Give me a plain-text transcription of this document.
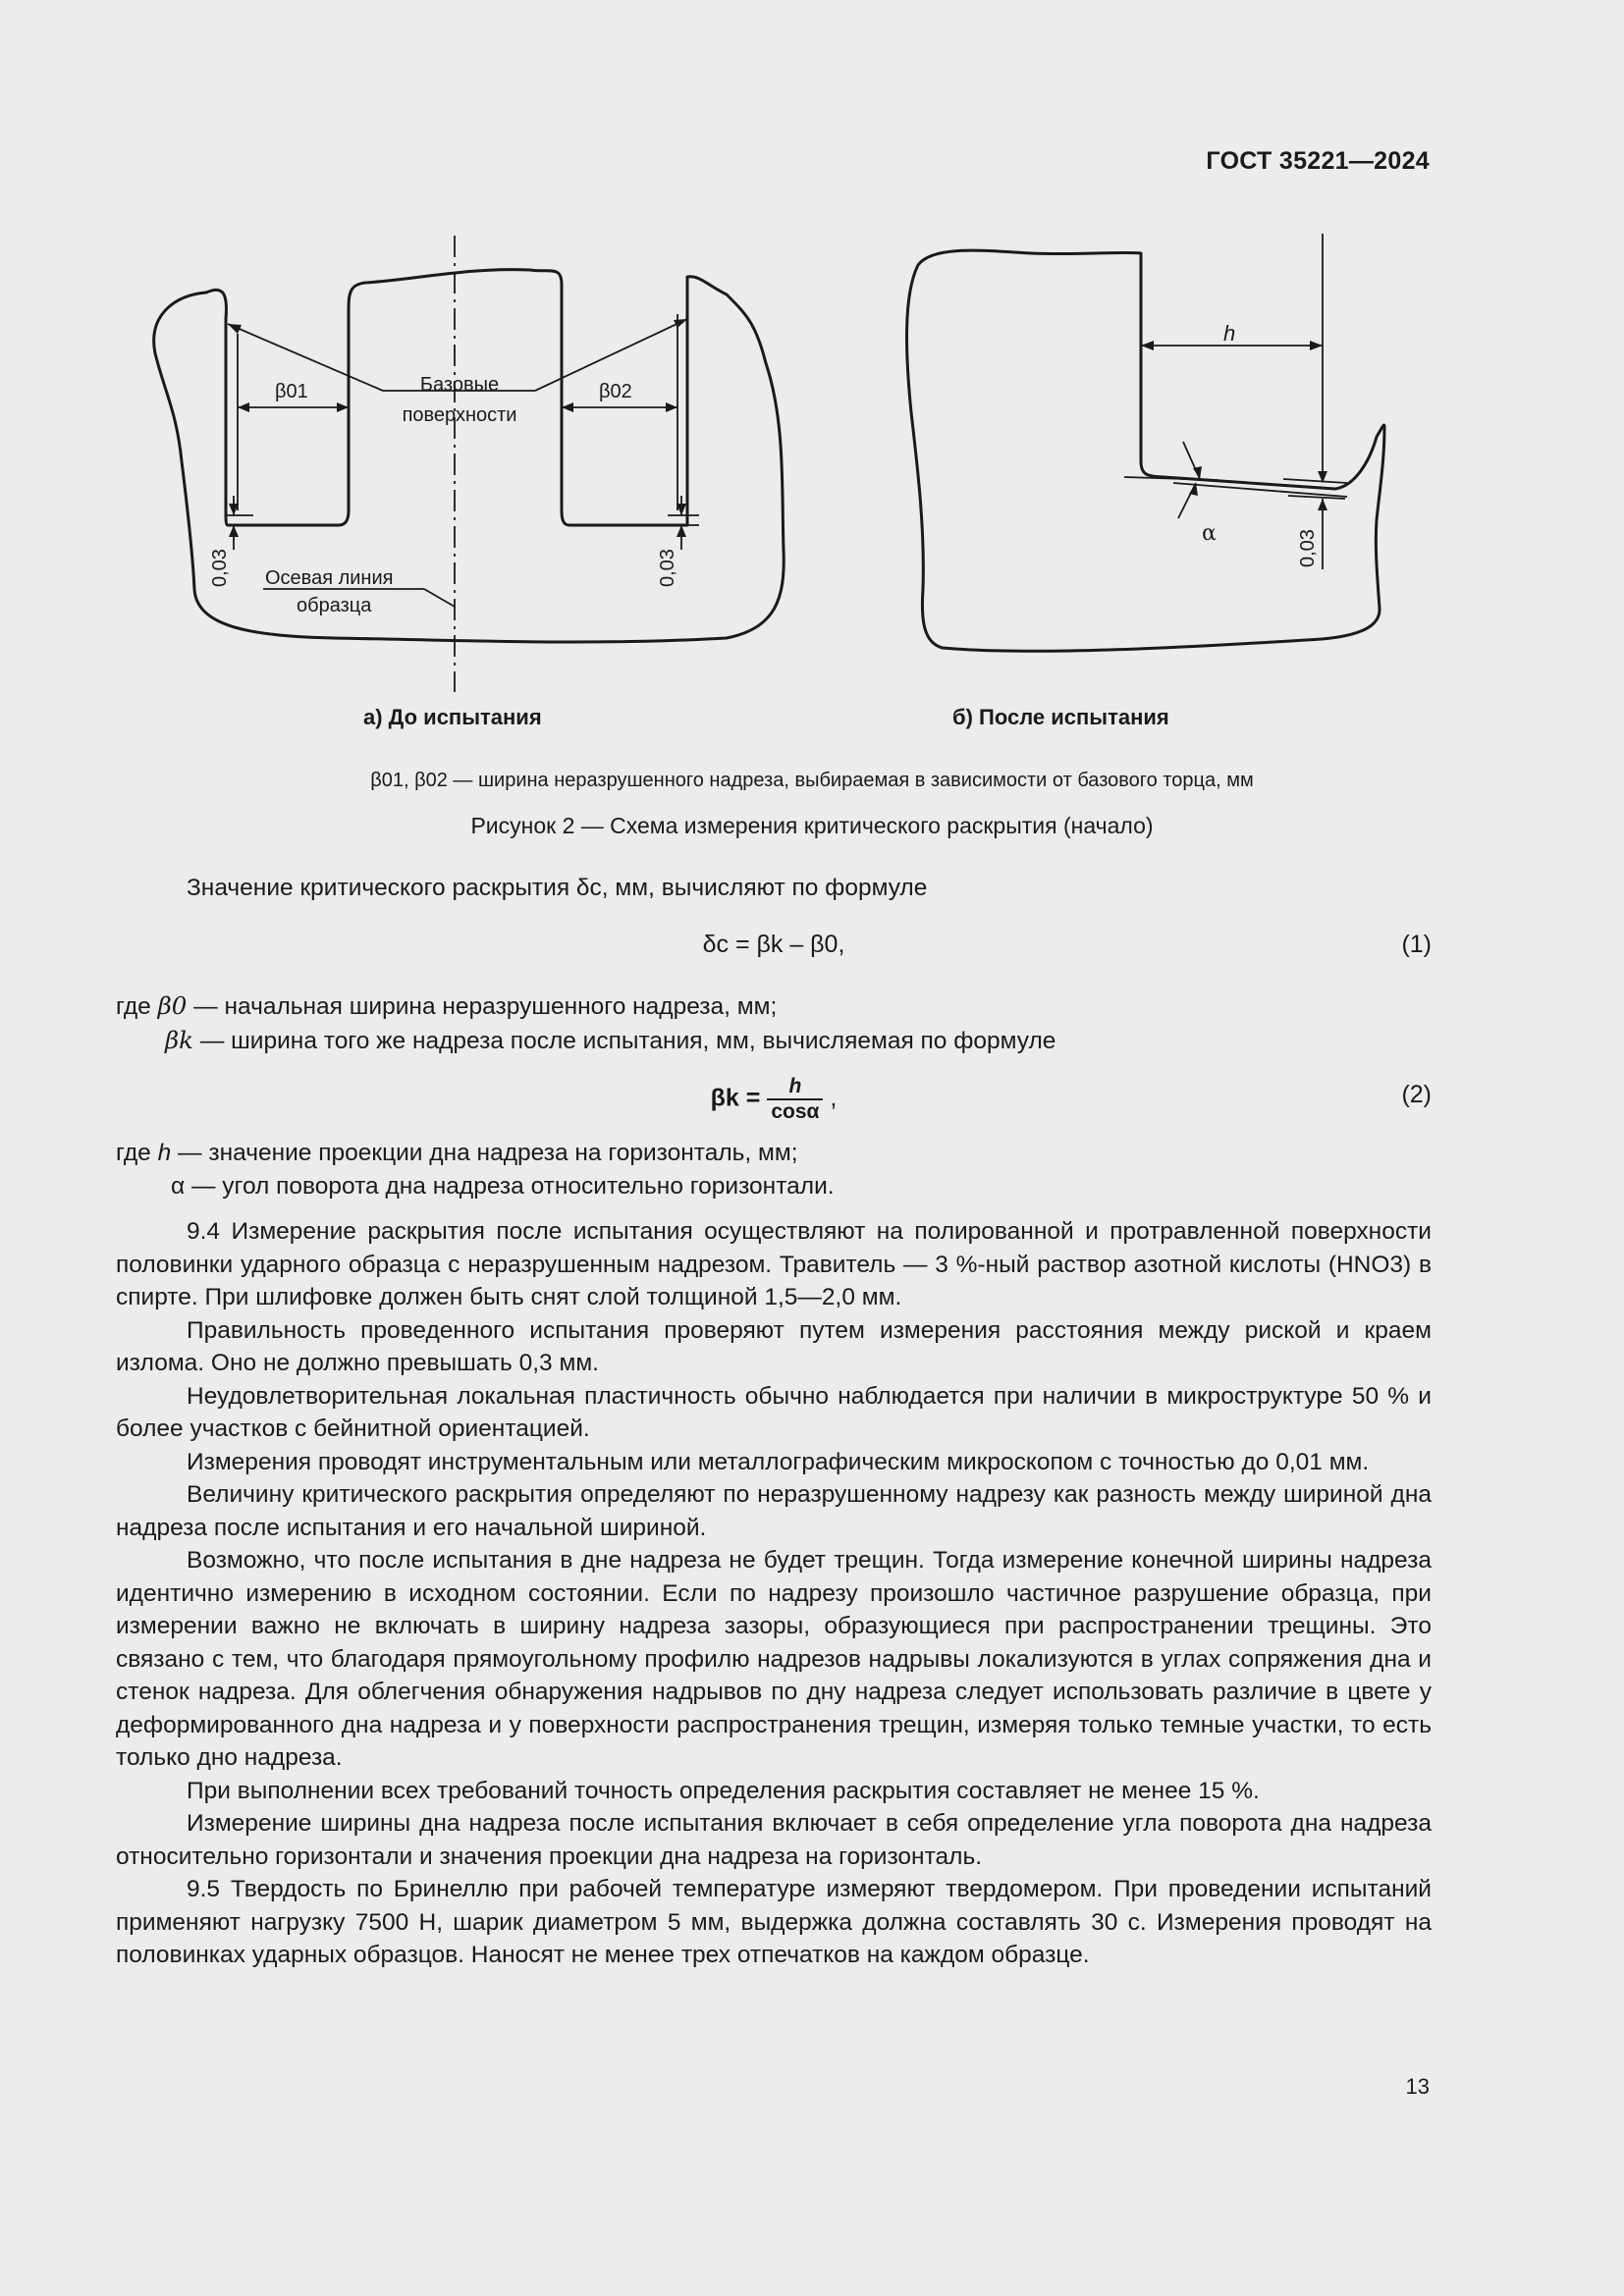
ГОСТ 35221—2024
β01	β02
Базовые
поверхности
Осевая линия
образца
0,03	0,03
0,03
h
α
а) До испытания	б) После испытания
β01, β02 — ширина неразрушенного надреза, выбираемая в зависимости от базового торца, мм
Рисунок 2 — Схема измерения критического раскрытия (начало)

Значение критического раскрытия δc, мм, вычисляют по формуле

δc = βk – β0,	(1)
где β0 — начальная ширина неразрушенного надреза, мм;
βk — ширина того же надреза после испытания, мм, вычисляемая по формуле
$\beta k = \frac{h}{\cos\alpha}$ ,	(2)
где h — значение проекции дна надреза на горизонталь, мм;
α — угол поворота дна надреза относительно горизонтали.

9.4 Измерение раскрытия после испытания осуществляют на полированной и протравленной поверхности половинки ударного образца с неразрушенным надрезом. Травитель — 3 %-ный раствор азотной кислоты (HNO3) в спирте. При шлифовке должен быть снят слой толщиной 1,5—2,0 мм.

Правильность проведенного испытания проверяют путем измерения расстояния между риской и краем излома. Оно не должно превышать 0,3 мм.

Неудовлетворительная локальная пластичность обычно наблюдается при наличии в микроструктуре 50 % и более участков с бейнитной ориентацией.

Измерения проводят инструментальным или металлографическим микроскопом с точностью до 0,01 мм.

Величину критического раскрытия определяют по неразрушенному надрезу как разность между шириной дна надреза после испытания и его начальной шириной.

Возможно, что после испытания в дне надреза не будет трещин. Тогда измерение конечной ширины надреза идентично измерению в исходном состоянии. Если по надрезу произошло частичное разрушение образца, при измерении важно не включать в ширину надреза зазоры, образующиеся при распространении трещины. Это связано с тем, что благодаря прямоугольному профилю надрезов надрывы локализуются в углах сопряжения дна и стенок надреза. Для облегчения обнаружения надрывов по дну надреза следует использовать различие в цвете у деформированного дна надреза и у поверхности распространения трещин, измеряя только темные участки, то есть только дно надреза.

При выполнении всех требований точность определения раскрытия составляет не менее 15 %.

Измерение ширины дна надреза после испытания включает в себя определение угла поворота дна надреза относительно горизонтали и значения проекции дна надреза на горизонталь.

9.5 Твердость по Бринеллю при рабочей температуре измеряют твердомером. При проведении испытаний применяют нагрузку 7500 Н, шарик диаметром 5 мм, выдержка должна составлять 30 с. Измерения проводят на половинках ударных образцов. Наносят не менее трех отпечатков на каждом образце.

13
